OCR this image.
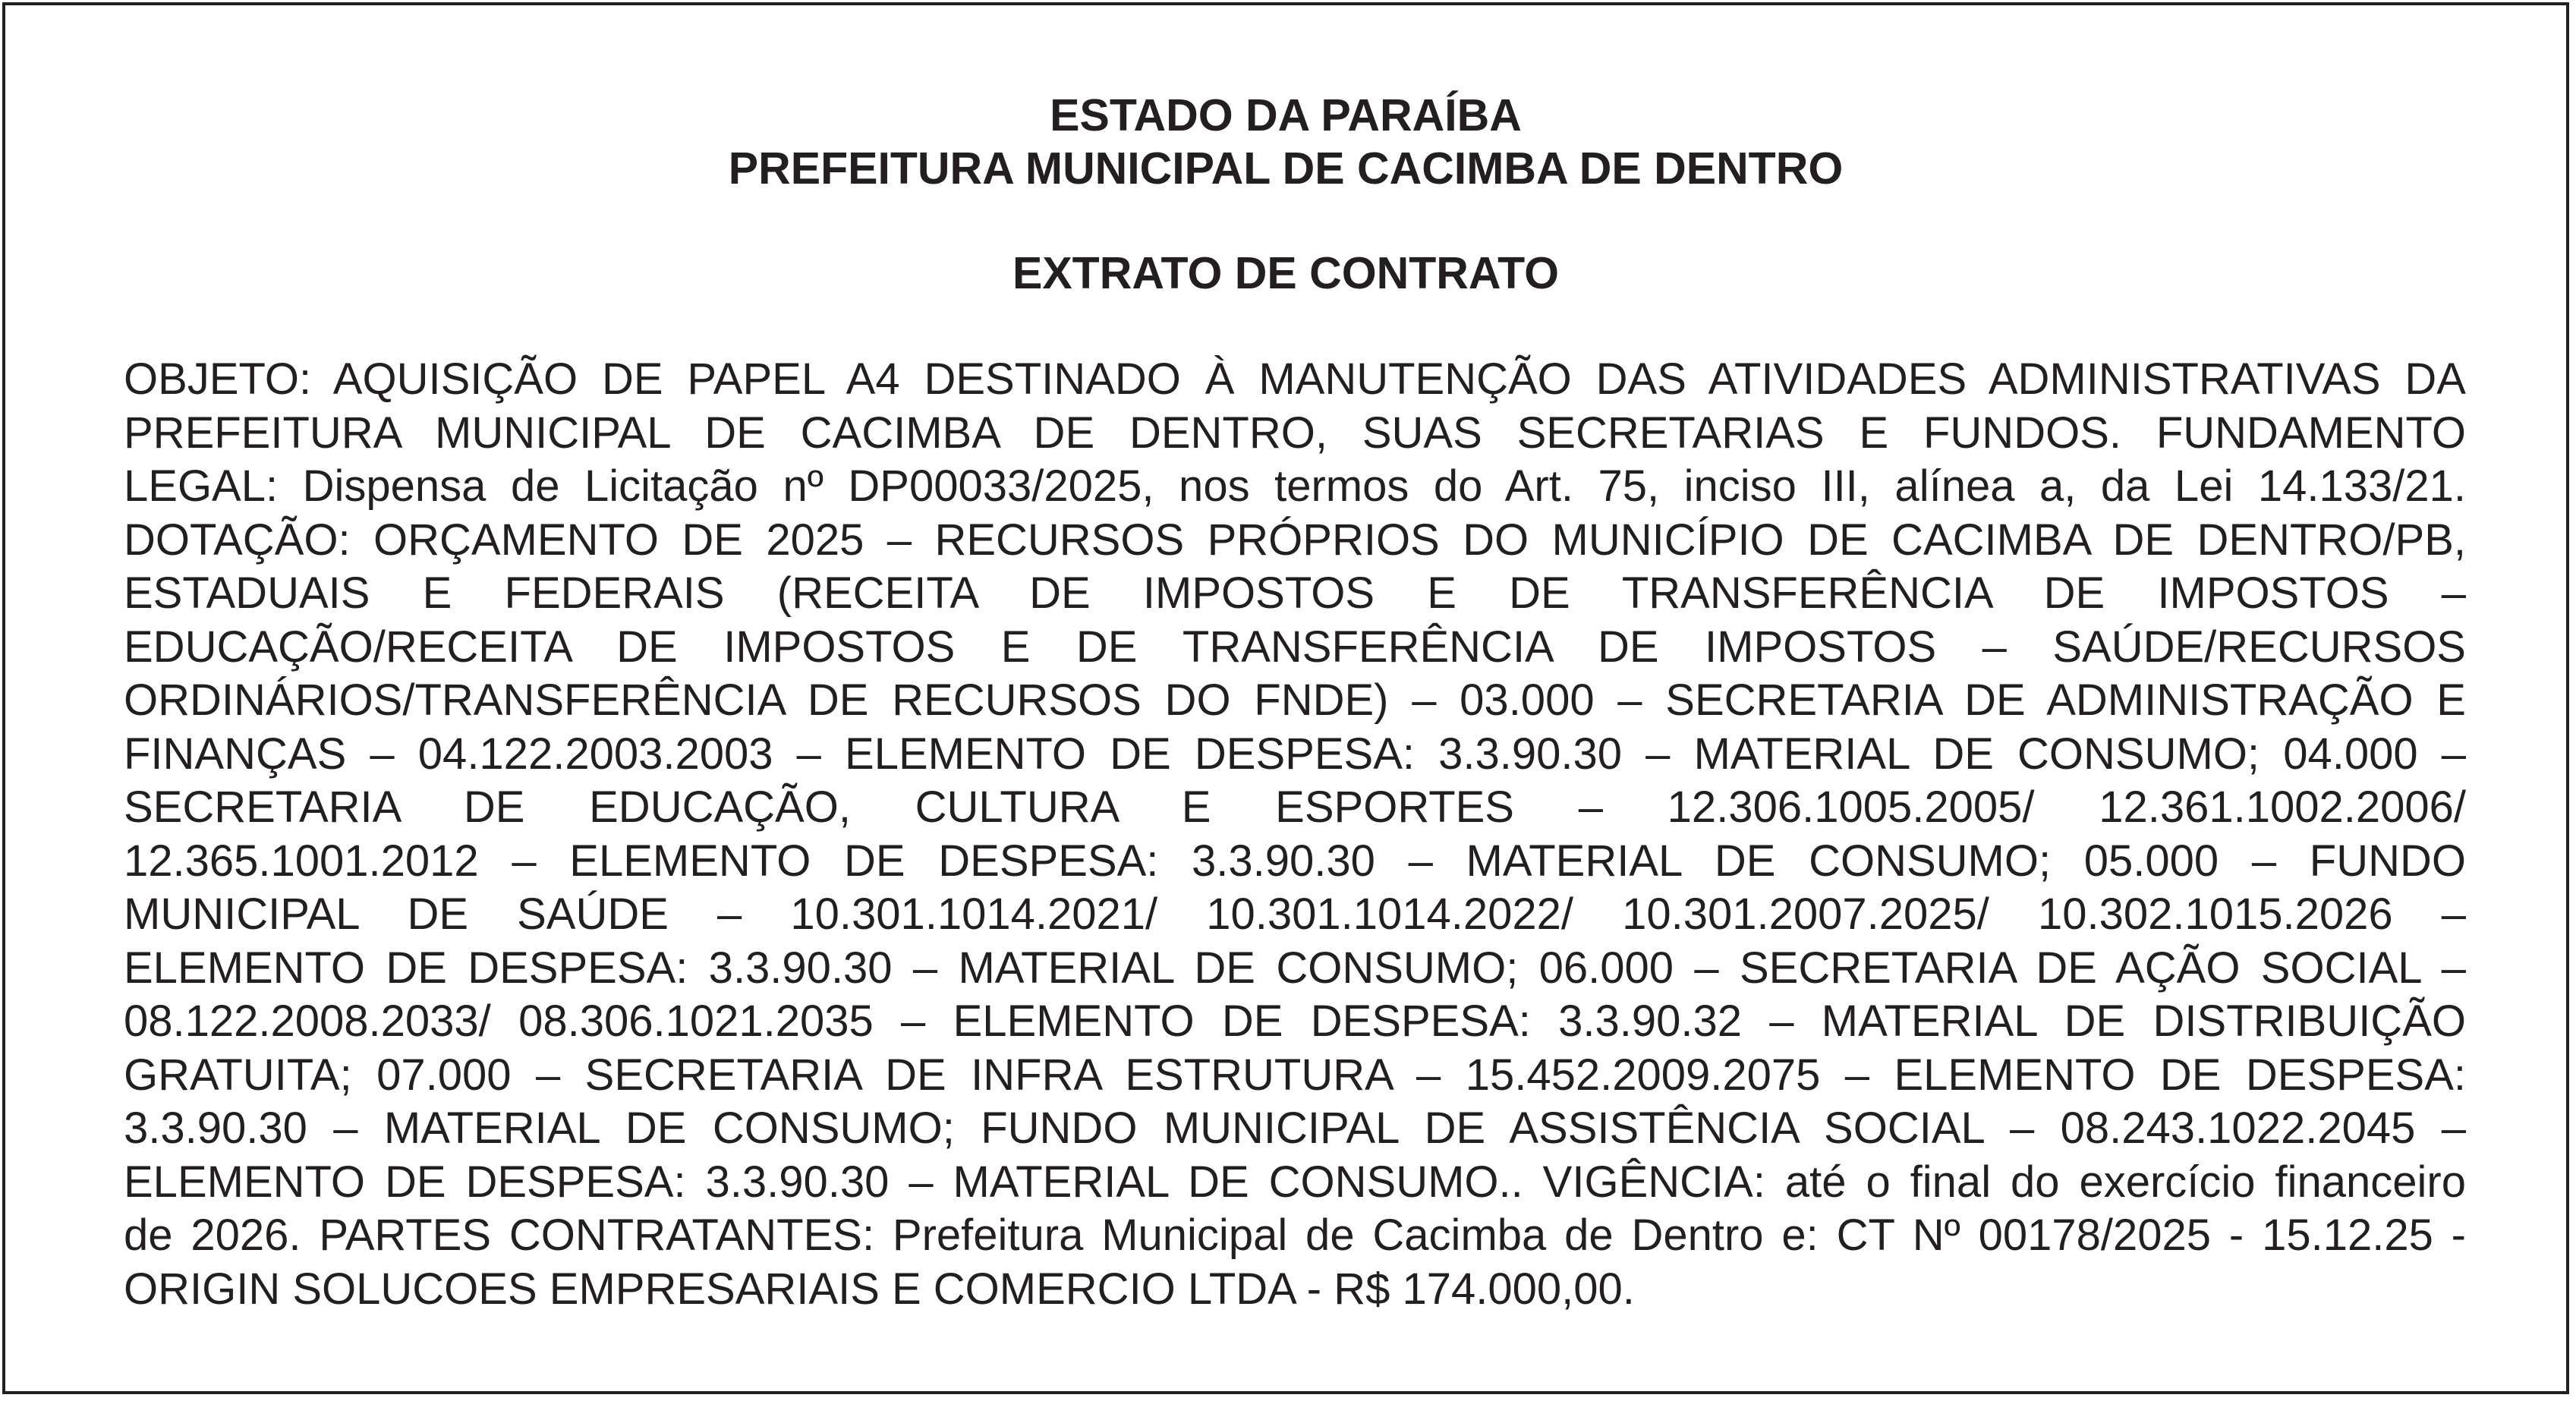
ESTADO DA PARAÍBA
PREFEITURA MUNICIPAL DE CACIMBA DE DENTRO
EXTRATO DE CONTRATO
OBJETO: AQUISIÇÃO DE PAPEL A4 DESTINADO À MANUTENÇÃO DAS ATIVIDADES ADMINISTRATIVAS DA
PREFEITURA MUNICIPAL DE CACIMBA DE DENTRO, SUAS SECRETARIAS E FUNDOS. FUNDAMENTO
LEGAL: Dispensa de Licitação nº DP00033/2025, nos termos do Art. 75, inciso III, alínea a, da Lei 14.133/21.
DOTAÇÃO: ORÇAMENTO DE 2025 – RECURSOS PRÓPRIOS DO MUNICÍPIO DE CACIMBA DE DENTRO/PB,
ESTADUAIS E FEDERAIS (RECEITA DE IMPOSTOS E DE TRANSFERÊNCIA DE IMPOSTOS –
EDUCAÇÃO/RECEITA DE IMPOSTOS E DE TRANSFERÊNCIA DE IMPOSTOS – SAÚDE/RECURSOS
ORDINÁRIOS/TRANSFERÊNCIA DE RECURSOS DO FNDE) – 03.000 – SECRETARIA DE ADMINISTRAÇÃO E
FINANÇAS – 04.122.2003.2003 – ELEMENTO DE DESPESA: 3.3.90.30 – MATERIAL DE CONSUMO; 04.000 –
SECRETARIA DE EDUCAÇÃO, CULTURA E ESPORTES – 12.306.1005.2005/ 12.361.1002.2006/
12.365.1001.2012 – ELEMENTO DE DESPESA: 3.3.90.30 – MATERIAL DE CONSUMO; 05.000 – FUNDO
MUNICIPAL DE SAÚDE – 10.301.1014.2021/ 10.301.1014.2022/ 10.301.2007.2025/ 10.302.1015.2026 –
ELEMENTO DE DESPESA: 3.3.90.30 – MATERIAL DE CONSUMO; 06.000 – SECRETARIA DE AÇÃO SOCIAL –
08.122.2008.2033/ 08.306.1021.2035 – ELEMENTO DE DESPESA: 3.3.90.32 – MATERIAL DE DISTRIBUIÇÃO
GRATUITA; 07.000 – SECRETARIA DE INFRA ESTRUTURA – 15.452.2009.2075 – ELEMENTO DE DESPESA:
3.3.90.30 – MATERIAL DE CONSUMO; FUNDO MUNICIPAL DE ASSISTÊNCIA SOCIAL – 08.243.1022.2045 –
ELEMENTO DE DESPESA: 3.3.90.30 – MATERIAL DE CONSUMO.. VIGÊNCIA: até o final do exercício financeiro
de 2026. PARTES CONTRATANTES: Prefeitura Municipal de Cacimba de Dentro e: CT Nº 00178/2025 - 15.12.25 -
ORIGIN SOLUCOES EMPRESARIAIS E COMERCIO LTDA - R$ 174.000,00.
